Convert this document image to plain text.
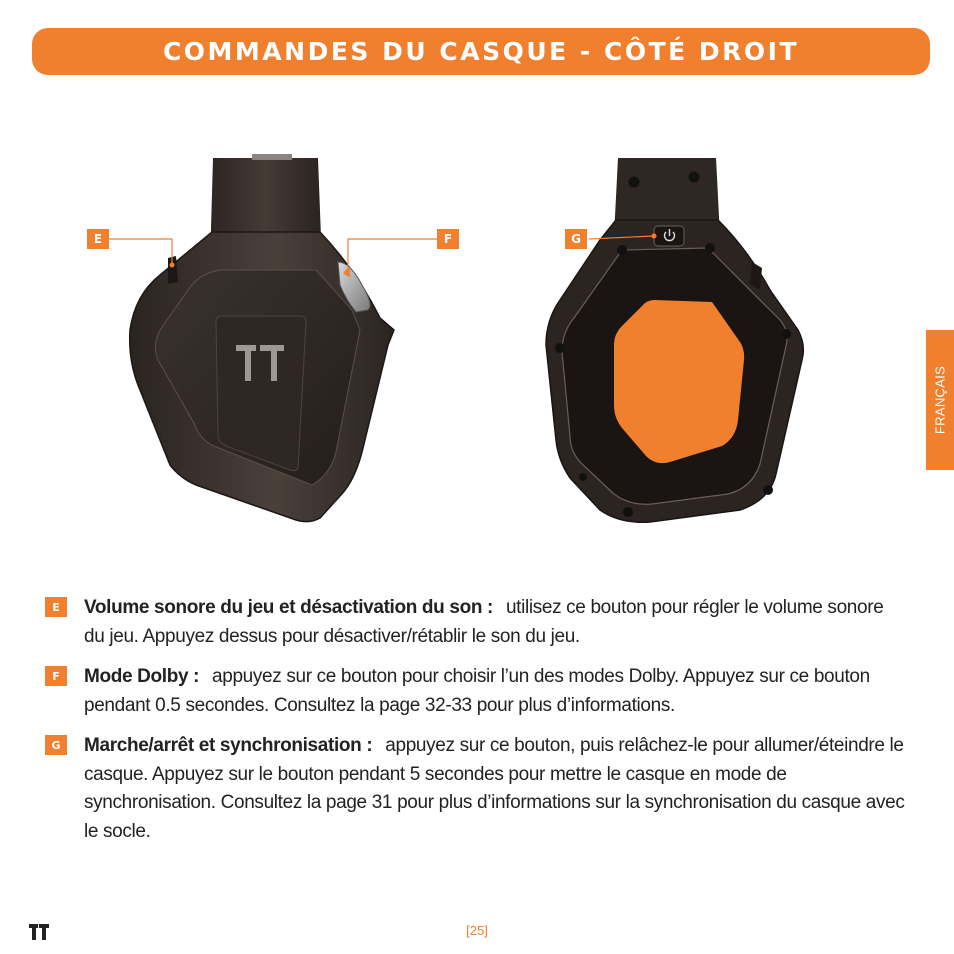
COMMANDES DU CASQUE - CÔTÉ DROIT
FRANÇAIS
E	F	G
E	Volume sonore du jeu et désactivation du son : utilisez ce bouton pour régler le volume sonore du jeu. Appuyez dessus pour désactiver/rétablir le son du jeu.

F	Mode Dolby : appuyez sur ce bouton pour choisir l’un des modes Dolby. Appuyez sur ce bouton pendant 0.5 secondes. Consultez la page 32-33 pour plus d’informations.

G	Marche/arrêt et synchronisation : appuyez sur ce bouton, puis relâchez-le pour allumer/éteindre le casque. Appuyez sur le bouton pendant 5 secondes pour mettre le casque en mode de synchronisation. Consultez la page 31 pour plus d’informations sur la synchronisation du casque avec le socle.

[25]
